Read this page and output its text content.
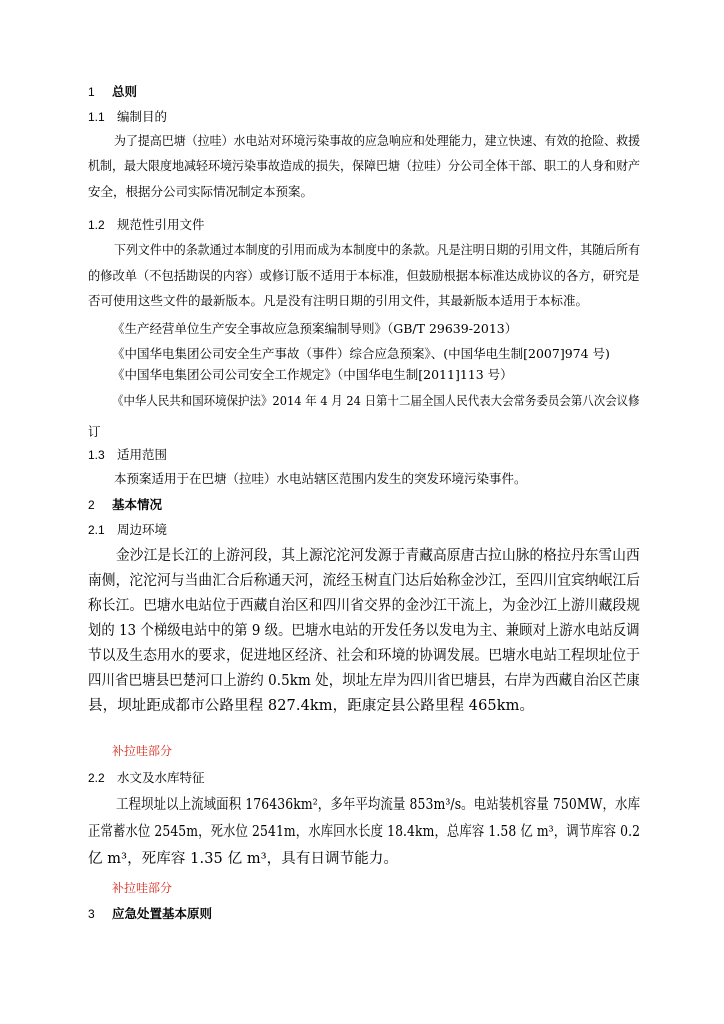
1 总则
1.1 编制目的
为了提高巴塘（拉哇）水电站对环境污染事故的应急响应和处理能力，建立快速、有效的抢险、救援
机制，最大限度地减轻环境污染事故造成的损失，保障巴塘（拉哇）分公司全体干部、职工的人身和财产
安全，根据分公司实际情况制定本预案。
1.2 规范性引用文件
下列文件中的条款通过本制度的引用而成为本制度中的条款。凡是注明日期的引用文件，其随后所有
的修改单（不包括勘误的内容）或修订版不适用于本标准，但鼓励根据本标准达成协议的各方，研究是
否可使用这些文件的最新版本。凡是没有注明日期的引用文件，其最新版本适用于本标准。
《生产经营单位生产安全事故应急预案编制导则》（GB/T 29639-2013）
《中国华电集团公司安全生产事故（事件）综合应急预案》、(中国华电生制[2007]974 号)
《中国华电集团公司公司安全工作规定》（中国华电生制[2011]113 号）
《中华人民共和国环境保护法》2014 年 4 月 24 日第十二届全国人民代表大会常务委员会第八次会议修
订
1.3 适用范围
本预案适用于在巴塘（拉哇）水电站辖区范围内发生的突发环境污染事件。
2 基本情况
2.1 周边环境
金沙江是长江的上游河段，其上源沱沱河发源于青藏高原唐古拉山脉的格拉丹东雪山西
南侧，沱沱河与当曲汇合后称通天河，流经玉树直门达后始称金沙江，至四川宜宾纳岷江后
称长江。巴塘水电站位于西藏自治区和四川省交界的金沙江干流上，为金沙江上游川藏段规
划的 13 个梯级电站中的第 9 级。巴塘水电站的开发任务以发电为主、兼顾对上游水电站反调
节以及生态用水的要求，促进地区经济、社会和环境的协调发展。巴塘水电站工程坝址位于
四川省巴塘县巴楚河口上游约 0.5km 处，坝址左岸为四川省巴塘县，右岸为西藏自治区芒康
县，坝址距成都市公路里程 827.4km，距康定县公路里程 465km。
补拉哇部分
2.2 水文及水库特征
工程坝址以上流域面积 176436km²，多年平均流量 853m³/s。电站装机容量 750MW，水库
正常蓄水位 2545m，死水位 2541m，水库回水长度 18.4km，总库容 1.58 亿 m³，调节库容 0.2
亿 m³，死库容 1.35 亿 m³，具有日调节能力。
补拉哇部分
3 应急处置基本原则
